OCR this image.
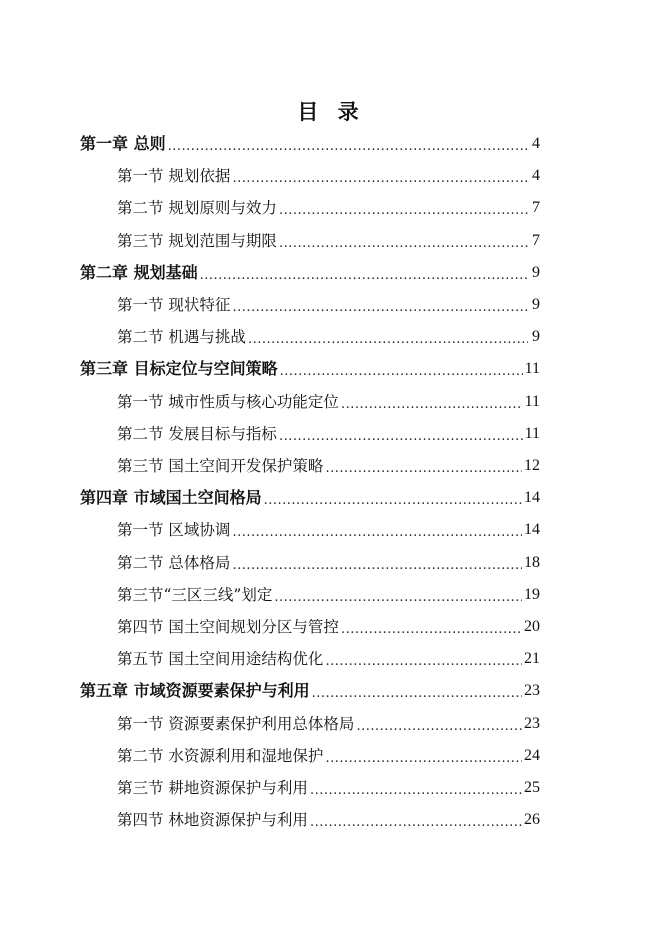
目 录
第一章 总则 .....	4
第一节 规划依据 .....	4
第二节 规划原则与效力 .....	7
第三节 规划范围与期限 .....	7
第二章 规划基础 .....	9
第一节 现状特征 .....	9
第二节 机遇与挑战 .....	9
第三章 目标定位与空间策略 .....	11
第一节 城市性质与核心功能定位 .....	11
第二节 发展目标与指标 .....	11
第三节 国土空间开发保护策略 .....	12
第四章 市域国土空间格局 .....	14
第一节 区域协调 .....	14
第二节 总体格局 .....	18
第三节“三区三线”划定 .....	19
第四节 国土空间规划分区与管控 .....	20
第五节 国土空间用途结构优化 .....	21
第五章 市域资源要素保护与利用 .....	23
第一节 资源要素保护利用总体格局 .....	23
第二节 水资源利用和湿地保护 .....	24
第三节 耕地资源保护与利用 .....	25
第四节 林地资源保护与利用 .....	26
